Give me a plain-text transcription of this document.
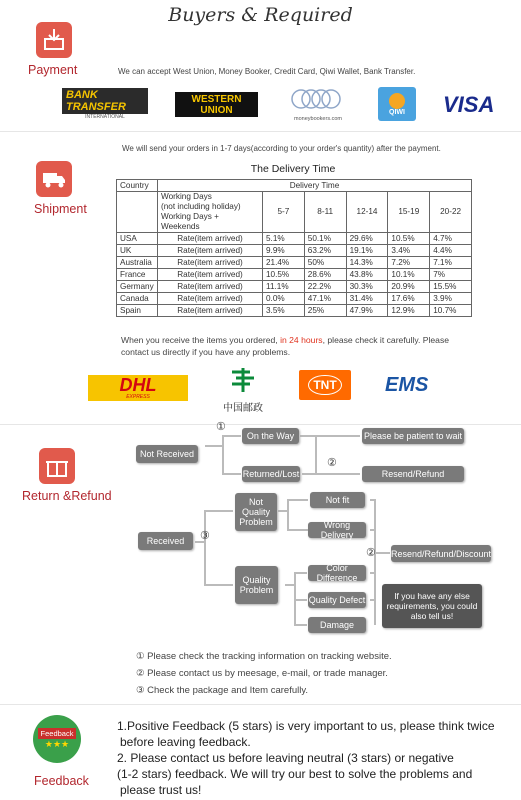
Buyers & Required
Payment	We can accept West Union, Money Booker, Credit Card, Qiwi Wallet, Bank Transfer.
BANK TRANSFER
INTERNATIONAL
WESTERN
UNION
moneybookers.com
QIWI VISA
We will send your orders in 1-7 days(according to your order's quantity) after the payment.
Shipment
The Delivery Time
Country	Delivery Time					

	Working Days
(not including holiday)
Working Days + Weekends	5-7	8-11	12-14	15-19	20-22
USA	Rate(item arrived)	5.1%	50.1%	29.6%	10.5%	4.7%
UK	Rate(item arrived)	9.9%	63.2%	19.1%	3.4%	4.4%
Australia	Rate(item arrived)	21.4%	50%	14.3%	7.2%	7.1%
France	Rate(item arrived)	10.5%	28.6%	43.8%	10.1%	7%
Germany	Rate(item arrived)	11.1%	22.2%	30.3%	20.9%	15.5%
Canada	Rate(item arrived)	0.0%	47.1%	31.4%	17.6%	3.9%
Spain	Rate(item arrived)	3.5%	25%	47.9%	12.9%	10.7%
When you receive the items you ordered, in 24 hours, please check it carefully. Please
contact us directly if you have any problems.
DHL
EXPRESS
中国邮政
TNT EMS
Return &Refund
Not Received
①
On the Way	Please be patient to wait
Returned/Lost
②
Resend/Refund
Received	③
Not Quality Problem
Not fit
Wrong Delivery
Quality Problem
Color Difference
Quality Defect
Damage
② Resend/Refund/Discount
If you have any else requirements, you could also tell us!
① Please check the tracking information on tracking website.
② Please contact us by meesage, e-mail, or trade manager.
③ Check the package and Item carefully.
Feedback
★★★
Feedback
1.Positive Feedback (5 stars) is very important to us, please think twice
before leaving feedback.
2. Please contact us before leaving neutral (3 stars) or negative
(1-2 stars) feedback. We will try our best to solve the problems and
please trust us!
